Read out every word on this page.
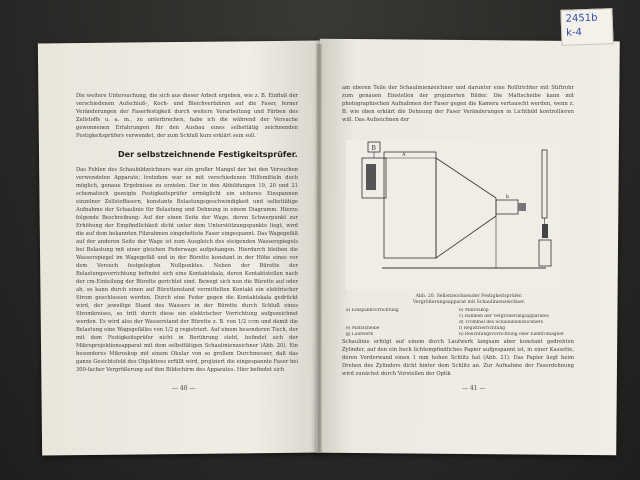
Die weitere Untersuchung, die sich aus dieser Arbeit ergeben, wie z. B. Einfluß der verschiedenen Aufschluß-, Koch- und Bleichverfahren auf die Faser, ferner Veränderungen der Faserfestigkeit durch weitere Verarbeitung und Färben des Zellstoffs u. a. m., zu unterbrechen, habe ich die während der Versuche gewonnenen Erfahrungen für den Ausbau eines selbsttätig zeichnenden Festigkeitsprüfers verwendet, der zum Schluß kurz erklärt sein soll.
Der selbstzeichnende Festigkeitsprüfer.
Das Fehlen des Schaubildzeichners war ein großer Mangel der bei den Versuchen verwendeten Apparate; trotzdem war es mit verschiedenen Hilfsmitteln doch möglich, genaue Ergebnisse zu erzielen. Der in den Abbildungen 19, 20 und 21 schematisch gezeigte Festigkeitsprüfer ermöglicht ein sicheres Einspannen einzelner Zellstoffasern, konstante Belastungsgeschwindigkeit und selbsttätige Aufnahme der Schaulinie für Belastung und Dehnung in einem Diagramm. Hierzu folgende Beschreibung: Auf der einen Seite der Wage, deren Schwerpunkt zur Erhöhung der Empfindlichkeit dicht unter dem Unterstützungspunkte liegt, wird die auf dem bekannten Filzrahmen eingebettete Faser eingespannt. Das Wagegefäß auf der anderen Seite der Wage ist zum Ausgleich des steigenden Wasserspiegels bei Belastung mit einer gleichen Federwage aufgehangen. Hierdurch bleiben die Wasserspiegel im Wagegefäß und in der Bürette konstant in der Höhe eines vor dem Versuch festgelegten Nullpunktes. Neben der Bürette der Belastungsvorrichtung befindet sich eine Kontaktskala, deren Kontaktstellen nach der cm-Einteilung der Bürette gerichtet sind. Bewegt sich nun die Bürette auf oder ab, so kann durch einen auf Bürettenstand vermittelten Kontakt ein elektrischer Strom geschlossen werden. Durch eine Feder gegen die Kontaktskala gedrückt wird, der jeweilige Stand des Wassers in der Bürette durch Schluß eines Stromkreises, so tritt durch diese ein elektrischer Vorrichtung aufgezeichnet werden. Es wird also der Wasserstand der Bürette z. B. von 1/2 ccm und damit die Belastung eine Wagegefälles von 1/2 g registriert. Auf einem besonderen Tisch, der mit dem Festigkeitsprüfer nicht in Berührung steht, befindet sich der Mikroprojektionsapparat mit dem selbsttätigen Schaulinienzeichner (Abb. 20). Ein besonderes Mikroskop mit einem Okular von so großem Durchmesser, daß das ganze Gesichtsfeld des Objektives erfüllt wird, projiziert die eingespannte Faser bei 300-facher Vergrößerung auf den Bildschirm des Apparates. Hier befindet sich
— 40 —
am oberen Teile der Schaulinienzeichner und darunter eine Rolltrichter mit Stiftrohr zum genauen Einstellen der projizierten Bilder. Die Mattscheibe kann mit photographischen Aufnahmen der Faser gegen die Kamera vertauscht werden, wenn z. B. wie oben erklärt die Dehnung der Faser Veränderungen in Lichtbild kontrollieren will. Das Aufzeichnen der
B
A
k
Abb. 20. Selbstzeichnender Festigkeitsprüfer.
Vergrößerungsapparat mit Schaulinienzeichner.
a) Einspannvorrichtung	b) Mikroskop
c) Rahmen der Vergrößerungsapparates
d) Trommel des Schaulinienzeichners
e) Mattscheibe	f) Registrierrichtung
g) Laufwerk	h) Belichtungsvorrichtung oder Elektromagnet
Schaulinie erfolgt auf einem durch Laufwerk langsam aber konstant gedrehten Zylinder, auf den ein hoch lichtempfindliches Papier aufgespannt ist, in einer Kassette, deren Vorderwand einen 1 mm hohen Schlitz hat (Abb. 21). Das Papier liegt beim Drehen des Zylinders dicht hinter dem Schlitz an. Zur Aufnahme der Faserdehnung wird zunächst durch Vorstellen der Optik
— 41 —
2451b
k-4
